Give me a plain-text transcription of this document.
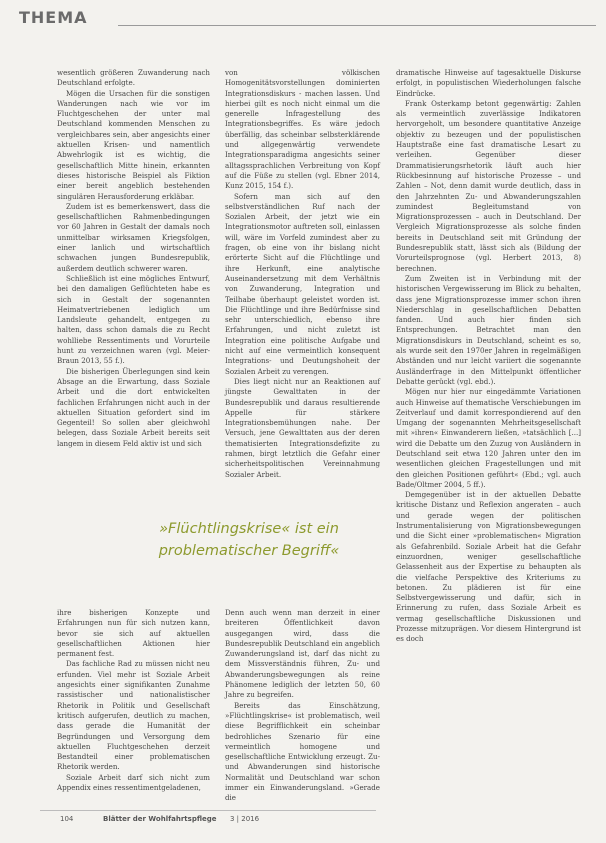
THEMA

wesentlich größeren Zuwanderung nach Deutschland erfolgte.

Mögen die Ursachen für die sonstigen Wanderungen nach wie vor im Fluchtgeschehen der unter mal Deutschland kommenden Menschen zu vergleichbares sein, aber angesichts einer aktuellen Krisen- und namentlich Abwehrlogik ist es wichtig, die gesellschaftlich Mitte hinein, erkannten dieses historische Beispiel als Fiktion einer bereit angeblich bestehenden singulären Herausforderung erkläbar.

Zudem ist es bemerkenswert, dass die gesellschaftlichen Rahmenbedingungen vor 60 Jahren in Gestalt der damals noch unmittelbar wirksamen Kriegsfolgen, einer lanlich und wirtschaftlich schwachen jungen Bundesrepublik, außerdem deutlich schwerer waren.

Schließlich ist eine mögliches Entwurf, bei den damaligen Geflüchteten habe es sich in Gestalt der sogenannten Heimatvertriebenen lediglich um Landsleute gehandelt, entgegen zu halten, dass schon damals die zu Recht wohlliebe Ressentiments und Vorurteile hunt zu verzeichnen waren (vgl. Meier-Braun 2013, 55 f.).

Die bisherigen Überlegungen sind kein Absage an die Erwartung, dass Soziale Arbeit und die dort entwickelten fachlichen Erfahrungen nicht auch in der aktuellen Situation gefordert sind im Gegenteil! So sollen aber gleichwohl belegen, dass Soziale Arbeit bereits seit langem in diesem Feld aktiv ist und sich

von völkischen Homogenitätsvorstellungen dominierten Integrationsdiskurs - machen lassen. Und hierbei gilt es noch nicht einmal um die generelle Infragestellung des Integrationsbegriffes. Es wäre jedoch überfällig, das scheinbar selbsterklärende und allgegenwärtig verwendete Integrationsparadigma angesichts seiner alltagssprachlichen Verbreitung von Kopf auf die Füße zu stellen (vgl. Ebner 2014, Kunz 2015, 154 f.).

Sofern man sich auf den selbstverständlichen Ruf nach der Sozialen Arbeit, der jetzt wie ein Integrationsmotor auftreten soll, einlassen will, wäre im Vorfeld zumindest aber zu fragen, ob eine von ihr bislang nicht erörterte Sicht auf die Flüchtlinge und ihre Herkunft, eine analytische Auseinandersetzung mit dem Verhältnis von Zuwanderung, Integration und Teilhabe überhaupt geleistet worden ist. Die Flüchtlinge und ihre Bedürfnisse sind sehr unterschiedlich, ebenso ihre Erfahrungen, und nicht zuletzt ist Integration eine politische Aufgabe und nicht auf eine vermeintlich konsequent Integrations- und Deutungshoheit der Sozialen Arbeit zu verengen.

Dies liegt nicht nur an Reaktionen auf jüngste Gewalttaten in der Bundesrepublik und daraus resultierende Appelle für stärkere Integrationsbemühungen nahe. Der Versuch, jene Gewalttaten aus der deren thematisierten Integrationsdefizite zu rahmen, birgt letztlich die Gefahr einer sicherheitspolitischen Vereinnahmung Sozialer Arbeit.

dramatische Hinweise auf tagesaktuelle Diskurse erfolgt, in populistischen Wiederholungen falsche Eindrücke.

Frank Osterkamp betont gegenwärtig: Zahlen als vermeintlich zuverlässige Indikatoren hervorgeholt, um besondere quantitative Anzeige objektiv zu bezeugen und der populistischen Hauptstraße eine fast dramatische Lesart zu verleihen. Gegenüber dieser Drammatisierungsrhetorik läuft auch hier Rückbesinnung auf historische Prozesse – und Zahlen – Not, denn damit wurde deutlich, dass in den Jahrzehnten Zu- und Abwanderungszahlen zumindest Begleitumstand von Migrationsprozessen – auch in Deutschland. Der Vergleich Migrationsprozesse als solche finden bereits in Deutschland seit mit Gründung der Bundesrepublik statt, lässt sich als (Bildung der Vorurteilsprognose (vgl. Herbert 2013, 8) berechnen.

Zum Zweiten ist in Verbindung mit der historischen Vergewisserung im Blick zu behalten, dass jene Migrationsprozesse immer schon ihren Niederschlag in gesellschaftlichen Debatten fanden. Und auch hier finden sich Entsprechungen. Betrachtet man den Migrationsdiskurs in Deutschland, scheint es so, als wurde seit den 1970er Jahren in regelmäßigen Abständen und nur leicht variiert die sogenannte Ausländerfrage in den Mittelpunkt öffentlicher Debatte gerückt (vgl. ebd.).

Mögen nur hier nur eingedämmte Variationen auch Hinweise auf thematische Verschiebungen im Zeitverlauf und damit korrespondierend auf den Umgang der sogenannten Mehrheitsgesellschaft mit »ihren« Einwanderern ließen, »tatsächlich [...] wird die Debatte um den Zuzug von Ausländern in Deutschland seit etwa 120 Jahren unter den im wesentlichen gleichen Fragestellungen und mit den gleichen Positionen geführt« (Ebd.; vgl. auch Bade/Oltmer 2004, 5 ff.).

Demgegenüber ist in der aktuellen Debatte kritische Distanz und Reflexion angeraten – auch und gerade wegen der politischen Instrumentalisierung von Migrationsbewegungen und die Sicht einer »problematischen« Migration als Gefahrenbild. Soziale Arbeit hat die Gefahr einzuordnen, weniger gesellschaftliche Gelassenheit aus der Expertise zu behaupten als die vielfache Perspektive des Kriteriums zu betonen. Zu plädieren ist für eine Selbstvergewisserung und dafür, sich in Erinnerung zu rufen, dass Soziale Arbeit es vermag gesellschaftliche Diskussionen und Prozesse mitzuprägen. Vor diesem Hintergrund ist es doch

»Flüchtlingskrise« ist ein
problematischer Begriff«

ihre bisherigen Konzepte und Erfahrungen nun für sich nutzen kann, bevor sie sich auf aktuellen gesellschaftlichen Aktionen hier permanent fest.

Das fachliche Rad zu müssen nicht neu erfunden. Viel mehr ist Soziale Arbeit angesichts einer signifikanten Zunahme rassistischer und nationalistischer Rhetorik in Politik und Gesellschaft kritisch aufgerufen, deutlich zu machen, dass gerade die Humanität der Begründungen und Versorgung dem aktuellen Fluchtgeschehen derzeit Bestandteil einer problematischen Rhetorik werden.

Soziale Arbeit darf sich nicht zum Appendix eines ressentimentgeladenen,

Denn auch wenn man derzeit in einer breiteren Öffentlichkeit davon ausgegangen wird, dass die Bundesrepublik Deutschland ein angeblich Zuwanderungsland ist, darf das nicht zu dem Missverständnis führen, Zu- und Abwanderungsbewegungen als reine Phänomene lediglich der letzten 50, 60 Jahre zu begreifen.

Bereits das Einschätzung, »Flüchtlingskrise« ist problematisch, weil diese Begrifflichkeit ein scheinbar bedrohliches Szenario für eine vermeintlich homogene und gesellschaftliche Entwicklung erzeugt. Zu- und Abwanderungen sind historische Normalität und Deutschland war schon immer ein Einwanderungsland. »Gerade die

104	Blätter der Wohlfahrtspflege 3 | 2016
